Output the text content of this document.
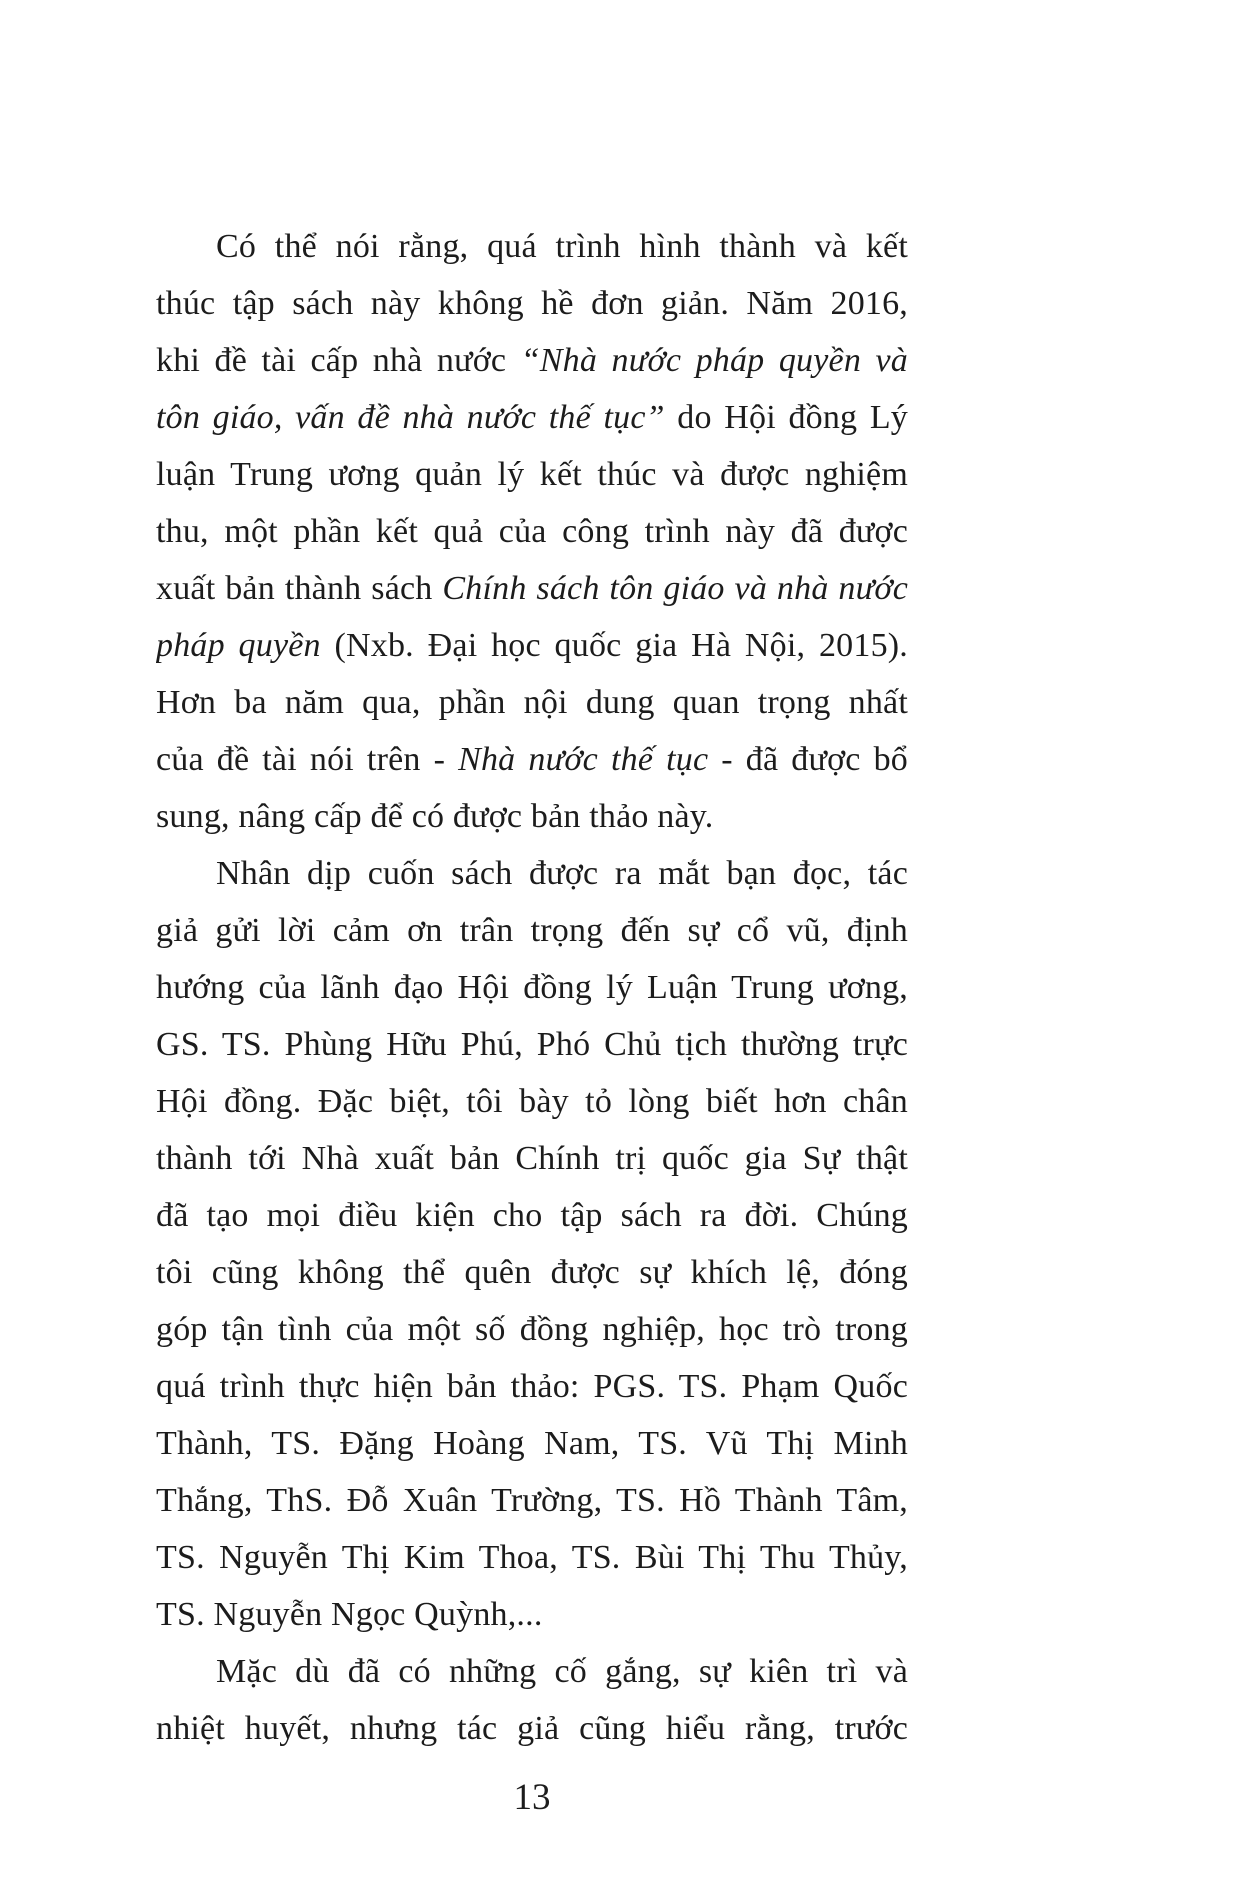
Có thể nói rằng, quá trình hình thành và kết
thúc tập sách này không hề đơn giản. Năm 2016,
khi đề tài cấp nhà nước “Nhà nước pháp quyền và
tôn giáo, vấn đề nhà nước thế tục” do Hội đồng Lý
luận Trung ương quản lý kết thúc và được nghiệm
thu, một phần kết quả của công trình này đã được
xuất bản thành sách Chính sách tôn giáo và nhà nước
pháp quyền (Nxb. Đại học quốc gia Hà Nội, 2015).
Hơn ba năm qua, phần nội dung quan trọng nhất
của đề tài nói trên - Nhà nước thế tục - đã được bổ
sung, nâng cấp để có được bản thảo này.
Nhân dịp cuốn sách được ra mắt bạn đọc, tác
giả gửi lời cảm ơn trân trọng đến sự cổ vũ, định
hướng của lãnh đạo Hội đồng lý Luận Trung ương,
GS. TS. Phùng Hữu Phú, Phó Chủ tịch thường trực
Hội đồng. Đặc biệt, tôi bày tỏ lòng biết hơn chân
thành tới Nhà xuất bản Chính trị quốc gia Sự thật
đã tạo mọi điều kiện cho tập sách ra đời. Chúng
tôi cũng không thể quên được sự khích lệ, đóng
góp tận tình của một số đồng nghiệp, học trò trong
quá trình thực hiện bản thảo: PGS. TS. Phạm Quốc
Thành, TS. Đặng Hoàng Nam, TS. Vũ Thị Minh
Thắng, ThS. Đỗ Xuân Trường, TS. Hồ Thành Tâm,
TS. Nguyễn Thị Kim Thoa, TS. Bùi Thị Thu Thủy,
TS. Nguyễn Ngọc Quỳnh,...
Mặc dù đã có những cố gắng, sự kiên trì và
nhiệt huyết, nhưng tác giả cũng hiểu rằng, trước
13
